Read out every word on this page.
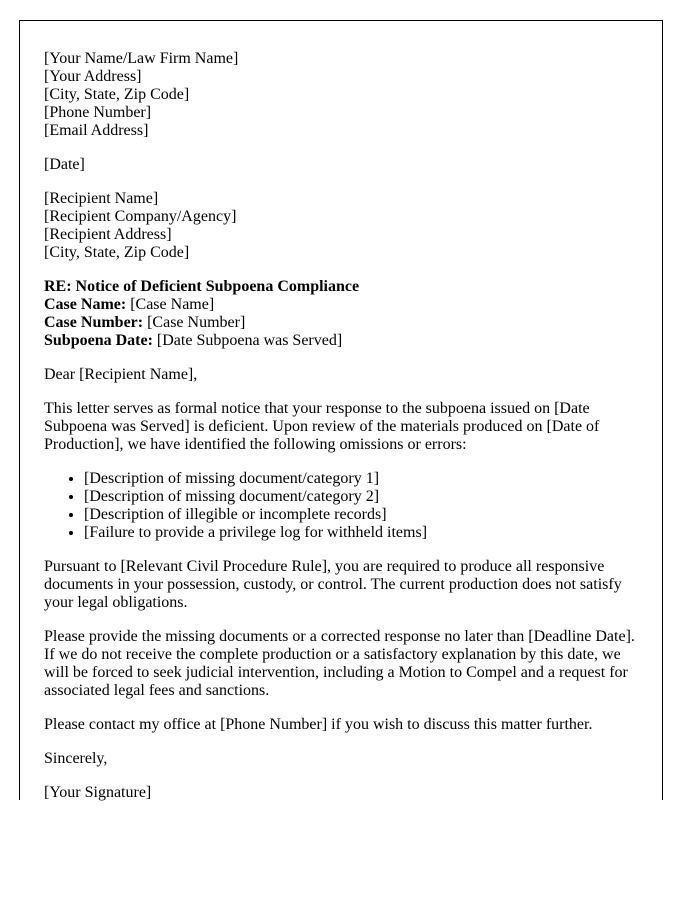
[Your Name/Law Firm Name]
[Your Address]
[City, State, Zip Code]
[Phone Number]
[Email Address]

[Date]

[Recipient Name]
[Recipient Company/Agency]
[Recipient Address]
[City, State, Zip Code]
RE: Notice of Deficient Subpoena Compliance
Case Name: [Case Name]
Case Number: [Case Number]
Subpoena Date: [Date Subpoena was Served]

Dear [Recipient Name],

This letter serves as formal notice that your response to the subpoena issued on [Date Subpoena was Served] is deficient. Upon review of the materials produced on [Date of Production], we have identified the following omissions or errors:

• [Description of missing document/category 1]
• [Description of missing document/category 2]
• [Description of illegible or incomplete records]
• [Failure to provide a privilege log for withheld items]

Pursuant to [Relevant Civil Procedure Rule], you are required to produce all responsive documents in your possession, custody, or control. The current production does not satisfy your legal obligations.

Please provide the missing documents or a corrected response no later than [Deadline Date]. If we do not receive the complete production or a satisfactory explanation by this date, we will be forced to seek judicial intervention, including a Motion to Compel and a request for associated legal fees and sanctions.

Please contact my office at [Phone Number] if you wish to discuss this matter further.

Sincerely,

[Your Signature]
